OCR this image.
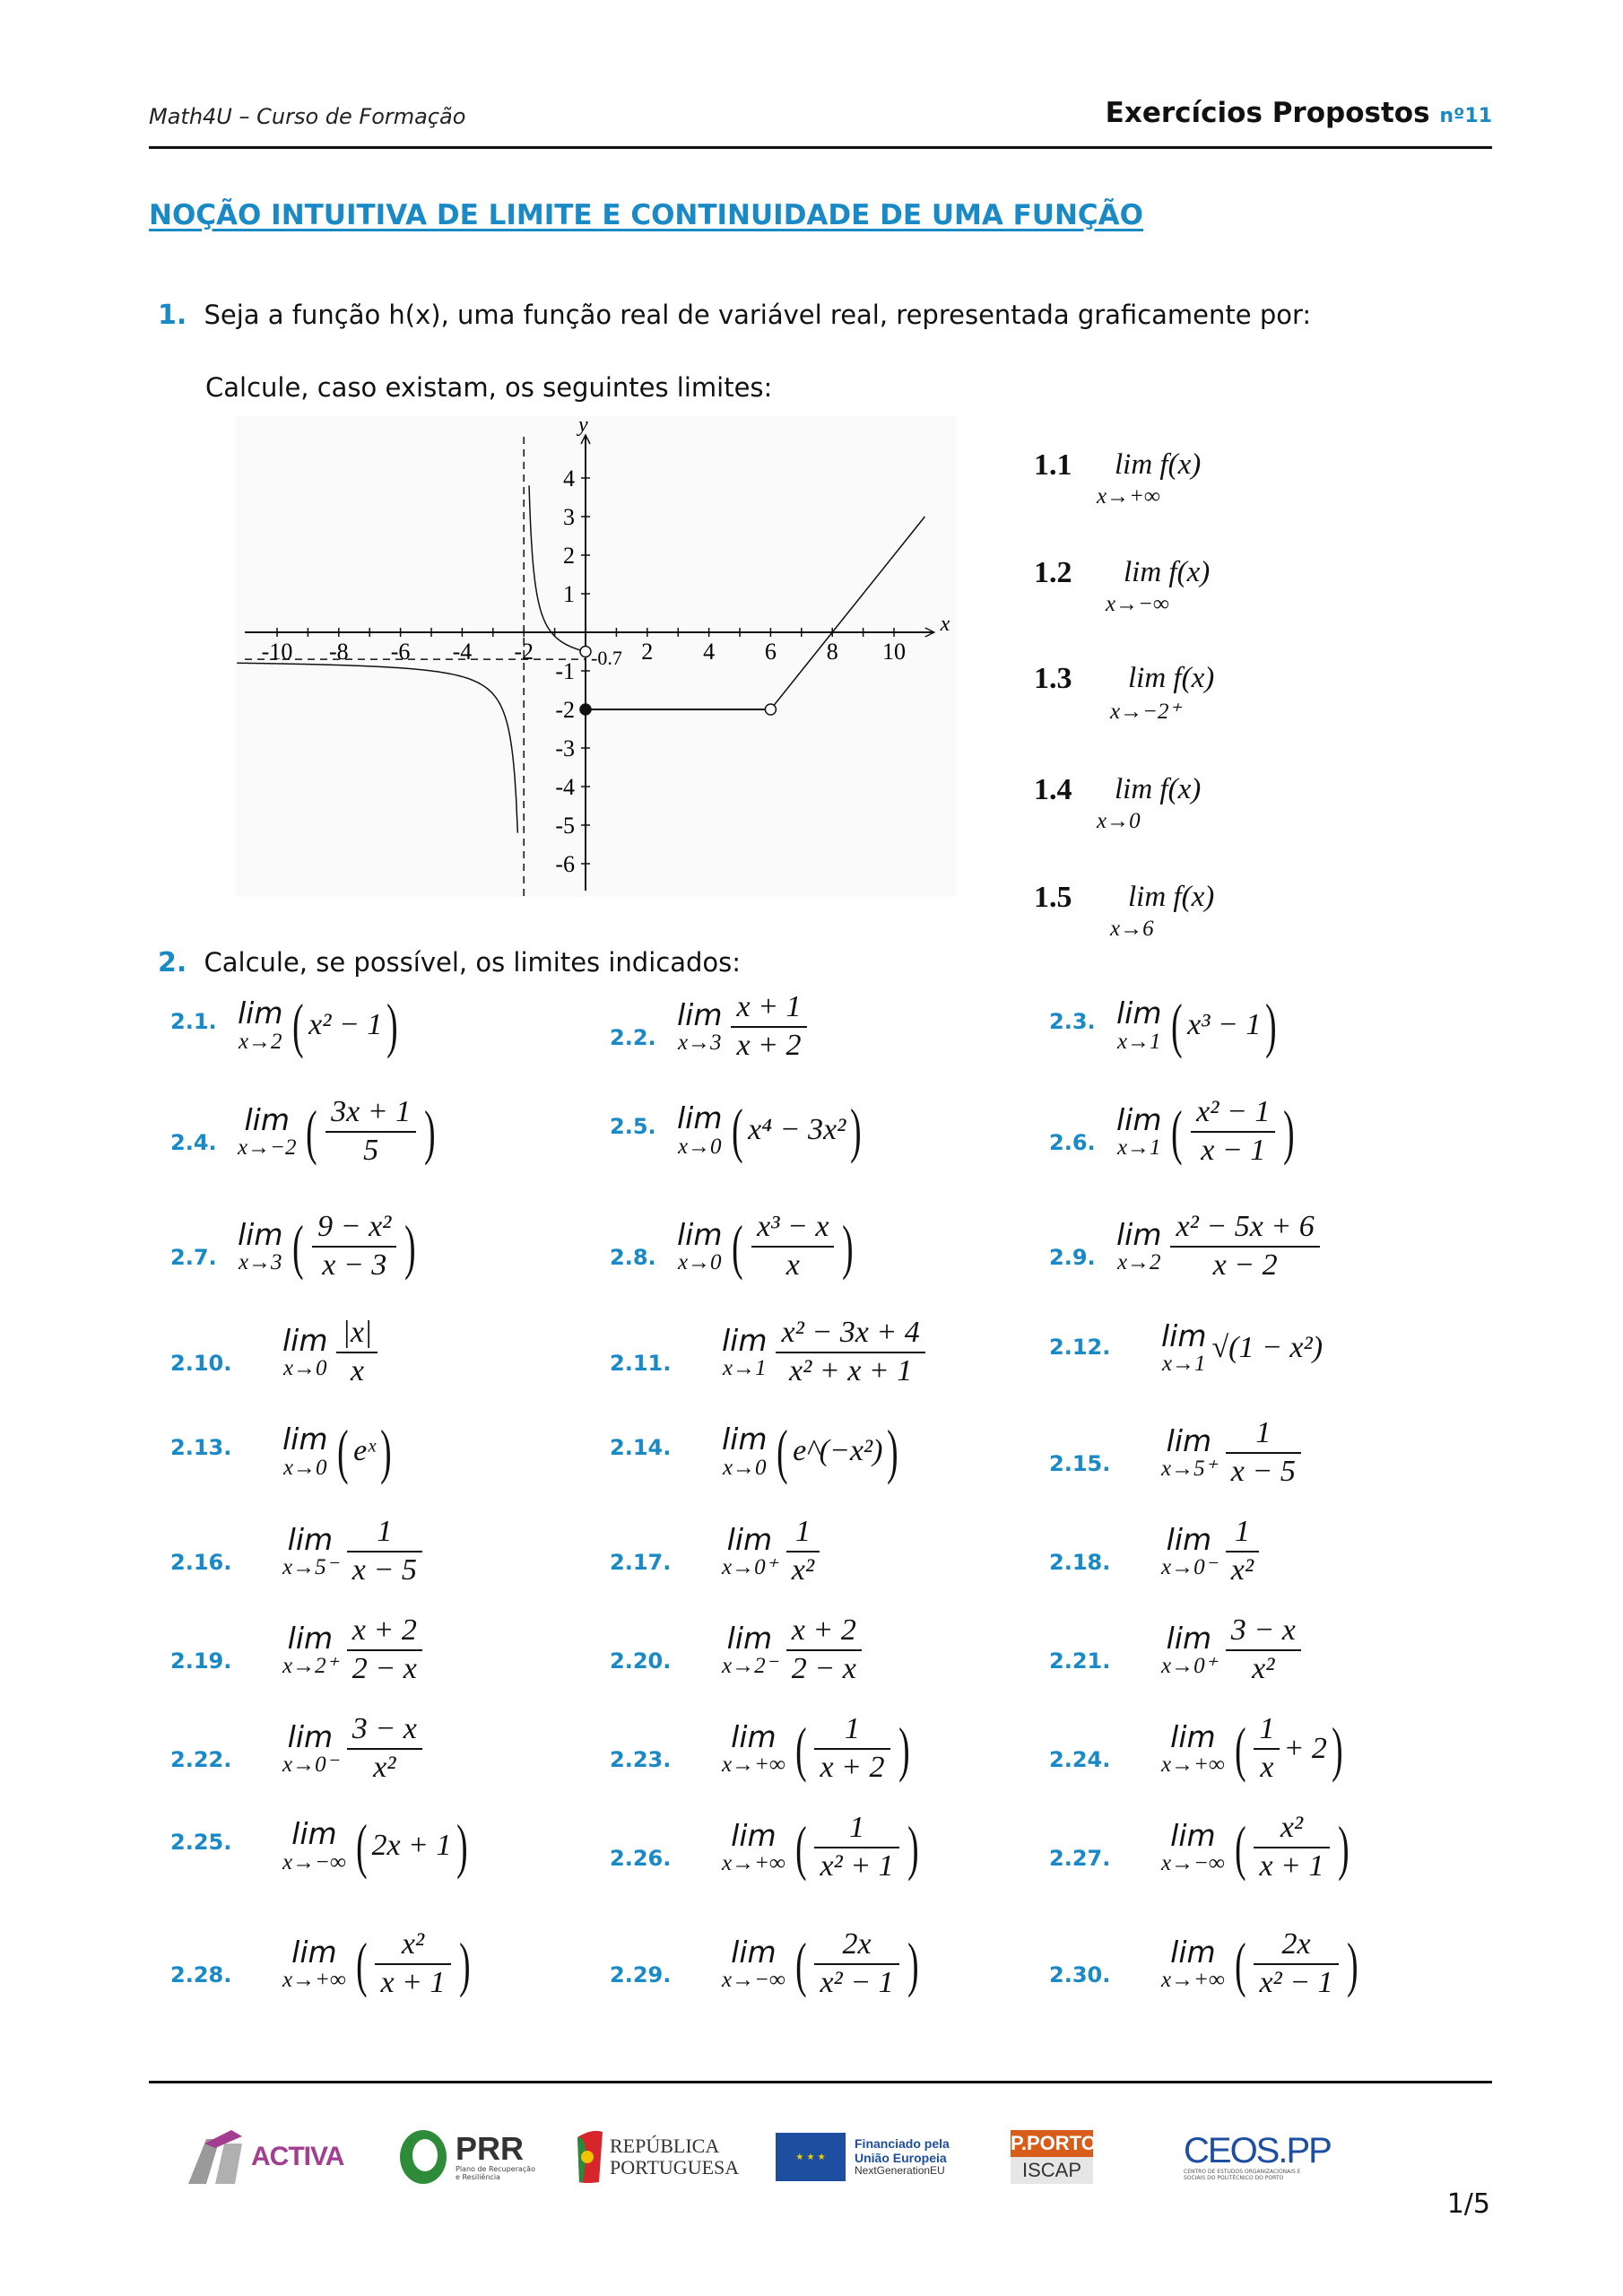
Math4U – Curso de Formação	Exercícios Propostos nº11
NOÇÃO INTUITIVA DE LIMITE E CONTINUIDADE DE UMA FUNÇÃO
1. Seja a função h(x), uma função real de variável real, representada graficamente por:
Calcule, caso existam, os seguintes limites:
x
y
-10 -8 -6 -4 -2	2 4 6 8 10
4
3
2
1
-1
-2
-3
-4
-5
-6
-0.7
1.1 lim f(x)
x→+∞
1.2 lim f(x)
x→−∞
1.3 lim f(x)
x→−2⁺
1.4 lim f(x)
x→0
1.5 lim f(x)
x→6
2. Calcule, se possível, os limites indicados:
2.1. lim
x→2 ( x² − 1 )	2.2.
lim
$x\to 3 \frac{x + 1}{x + 2}$	2.3. lim
x→1 ( x³ − 1 )
2.4.
lim
x→−2 ( $\frac{3x + 1}{5}$ )	2.5. lim
x→0 ( x⁴ − 3x² )	2.6.
lim
x→1 ( $\frac{\text{x² − 1}}{x - 1}$ )
2.7.
lim
x→3 ( $\frac{\text{9 − x²}}{x - 3}$ )	2.8.
lim
x→0 ( $\frac{\text{x³ − x}}{x}$ )	2.9.
lim
$x\to 2 \frac{\text{x² − 5x + 6}}{x - 2}$
2.10.
lim
$x\to 0 \frac{|x|}{x}$	2.11.
lim
$x\to 1 \frac{\text{x² − 3x + 4}}{\text{x² + x + 1}}$	2.12. lim
x→1
√(1 − x²)
2.13. lim
x→0 ( eˣ )	2.14. lim
x→0 ( e^(−x²) )	2.15.
lim
$x\to 5^+ \frac{1}{x - 5}$
2.16.
lim
$x\to 5^- \frac{1}{x - 5}$	2.17.
lim
$x\to 0^+ \frac{1}{\text{x²}}$	2.18.
lim
$x\to 0^- \frac{1}{\text{x²}}$
2.19.
lim
$x\to 2^+ \frac{x + 2}{2 - x}$	2.20.
lim
$x\to 2^- \frac{x + 2}{2 - x}$	2.21.
lim
$x\to 0^+ \frac{3 - x}{\text{x²}}$
2.22.
lim
$x\to 0^- \frac{3 - x}{\text{x²}}$	2.23.
lim
x→+∞ ( $\frac{1}{x + 2}$ )	2.24.
lim
x→+∞ ( $\frac{1}{x} + 2$ )
2.25. lim
x→−∞ ( 2x + 1 )	2.26.
lim
x→+∞ ( $\frac{1}{\text{x² + 1}}$ )	2.27.
lim
x→−∞ ( $\frac{\text{x²}}{x + 1}$ )
2.28.
lim
x→+∞ ( $\frac{\text{x²}}{x + 1}$ )	2.29.
lim
x→−∞ ( $\frac{2x}{\text{x² − 1}}$ )	2.30.
lim
x→+∞ ( $\frac{2x}{\text{x² − 1}}$ )
ACTIVA	PRR
Plano de Recuperação e Resiliência
REPÚBLICA
PORTUGUESA	★ ★ ★
Financiado pela
União Europeia
NextGenerationEU
P.PORTO
ISCAP	CEOS.PP
CENTRO DE ESTUDOS ORGANIZACIONAIS E SOCIAIS DO POLITÉCNICO DO PORTO
1/5
